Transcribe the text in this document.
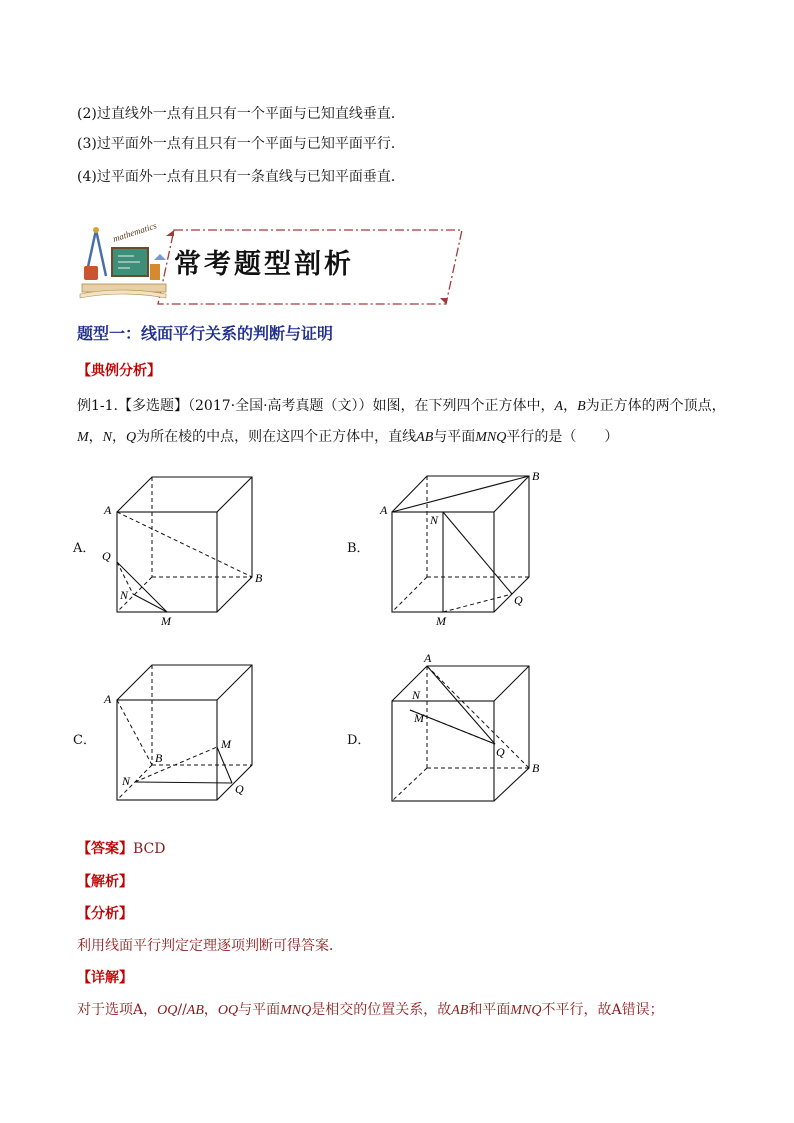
(2)过直线外一点有且只有一个平面与已知直线垂直．
(3)过平面外一点有且只有一个平面与已知平面平行．
(4)过平面外一点有且只有一条直线与已知平面垂直．
mathematics
常考题型剖析
题型一：线面平行关系的判断与证明
【典例分析】
例1-1.【多选题】（2017·全国·高考真题（文））如图，在下列四个正方体中，A，B为正方体的两个顶点，
M，N，Q为所在棱的中点，则在这四个正方体中，直线AB与平面MNQ平行的是（　　）
A．	B．
C．	D．
A
B
Q
N
M
A
B
N
Q
M
A
B
M
N
Q
A
B
N
M
Q
【答案】BCD
【解析】
【分析】
利用线面平行判定定理逐项判断可得答案．
【详解】
对于选项A，OQ//AB，OQ与平面MNQ是相交的位置关系，故AB和平面MNQ不平行，故A错误；
